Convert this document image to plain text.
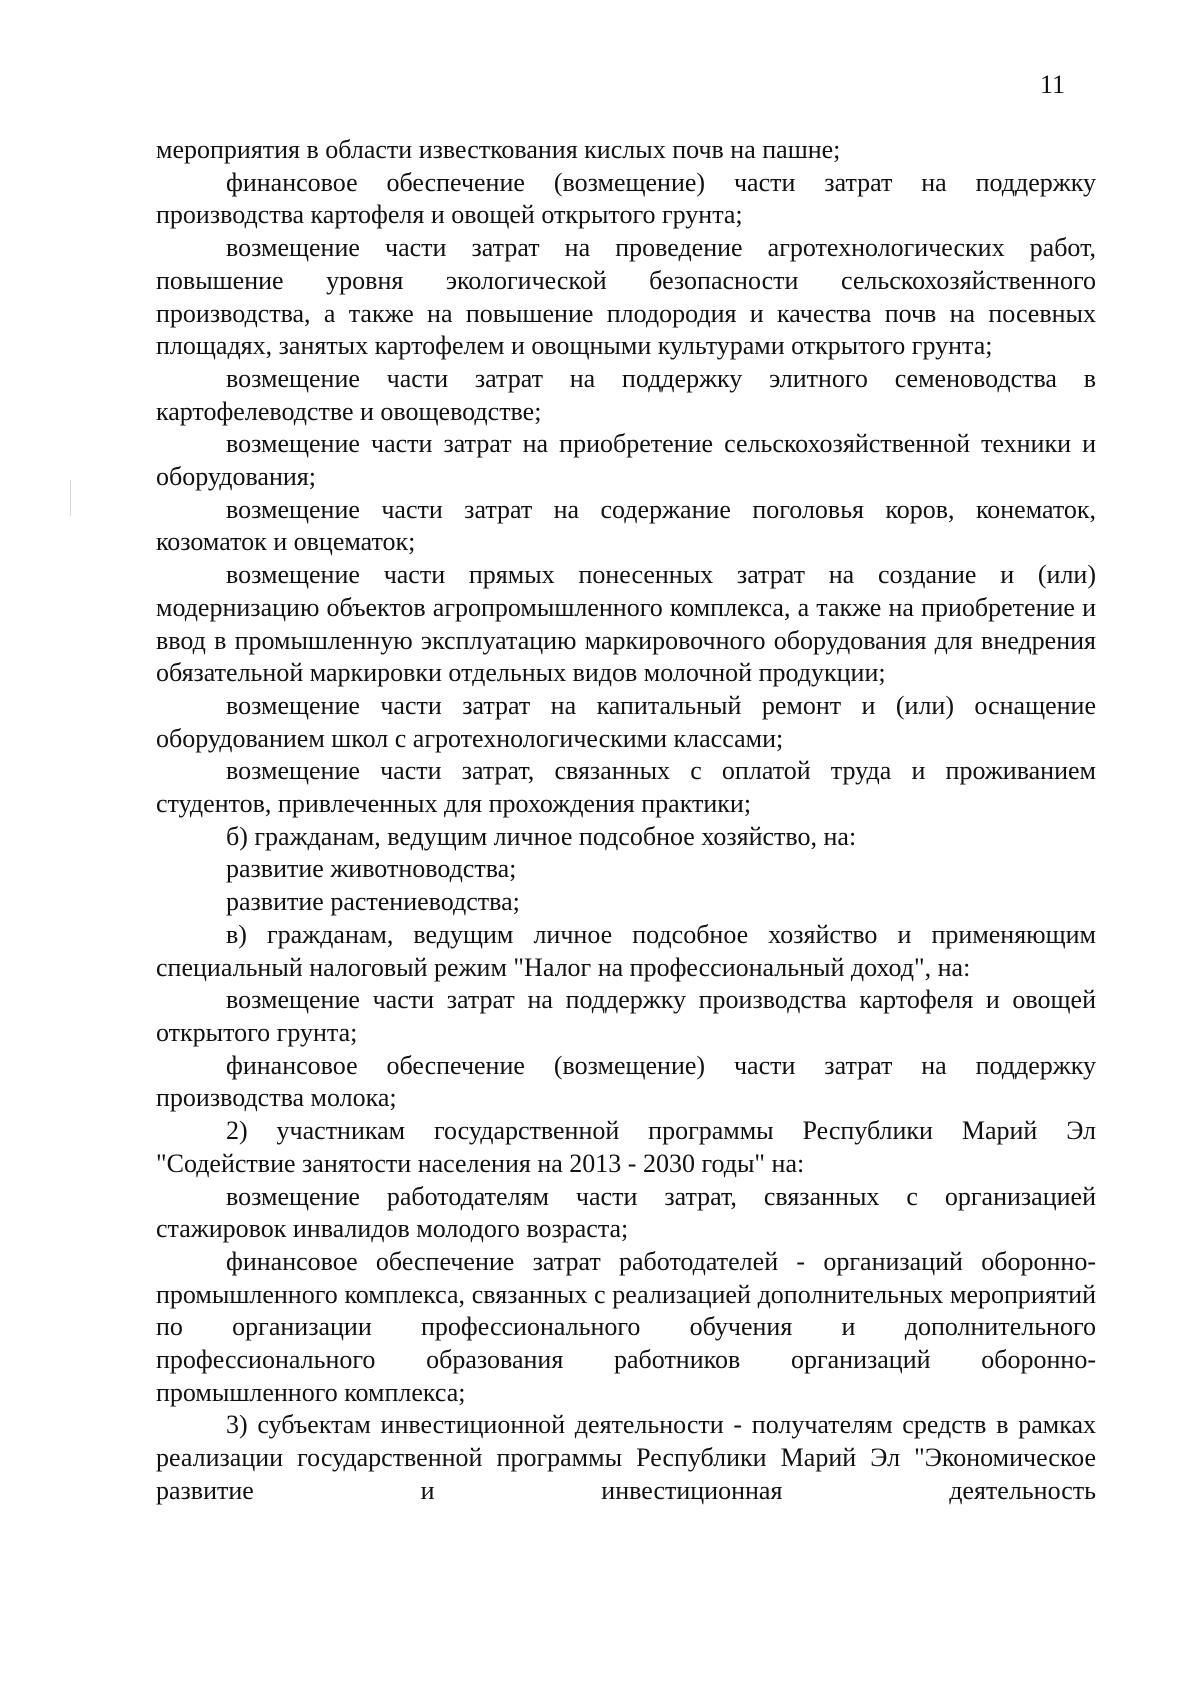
11

мероприятия в области известкования кислых почв на пашне;

финансовое обеспечение (возмещение) части затрат на поддержку производства картофеля и овощей открытого грунта;

возмещение части затрат на проведение агротехнологических работ, повышение уровня экологической безопасности сельскохозяйственного производства, а также на повышение плодородия и качества почв на посевных площадях, занятых картофелем и овощными культурами открытого грунта;

возмещение части затрат на поддержку элитного семеноводства в картофелеводстве и овощеводстве;

возмещение части затрат на приобретение сельскохозяйственной техники и оборудования;

возмещение части затрат на содержание поголовья коров, конематок, козоматок и овцематок;

возмещение части прямых понесенных затрат на создание и (или) модернизацию объектов агропромышленного комплекса, а также на приобретение и ввод в промышленную эксплуатацию маркировочного оборудования для внедрения обязательной маркировки отдельных видов молочной продукции;

возмещение части затрат на капитальный ремонт и (или) оснащение оборудованием школ с агротехнологическими классами;

возмещение части затрат, связанных с оплатой труда и проживанием студентов, привлеченных для прохождения практики;

б) гражданам, ведущим личное подсобное хозяйство, на:

развитие животноводства;

развитие растениеводства;

в) гражданам, ведущим личное подсобное хозяйство и применяющим специальный налоговый режим "Налог на профессиональный доход", на:

возмещение части затрат на поддержку производства картофеля и овощей открытого грунта;

финансовое обеспечение (возмещение) части затрат на поддержку производства молока;

2) участникам государственной программы Республики Марий Эл "Содействие занятости населения на 2013 - 2030 годы" на:

возмещение работодателям части затрат, связанных с организацией стажировок инвалидов молодого возраста;

финансовое обеспечение затрат работодателей - организаций оборонно-промышленного комплекса, связанных с реализацией дополнительных мероприятий по организации профессионального обучения и дополнительного профессионального образования работников организаций оборонно-промышленного комплекса;

3) субъектам инвестиционной деятельности - получателям средств в рамках реализации государственной программы Республики Марий Эл "Экономическое развитие и инвестиционная деятельность
